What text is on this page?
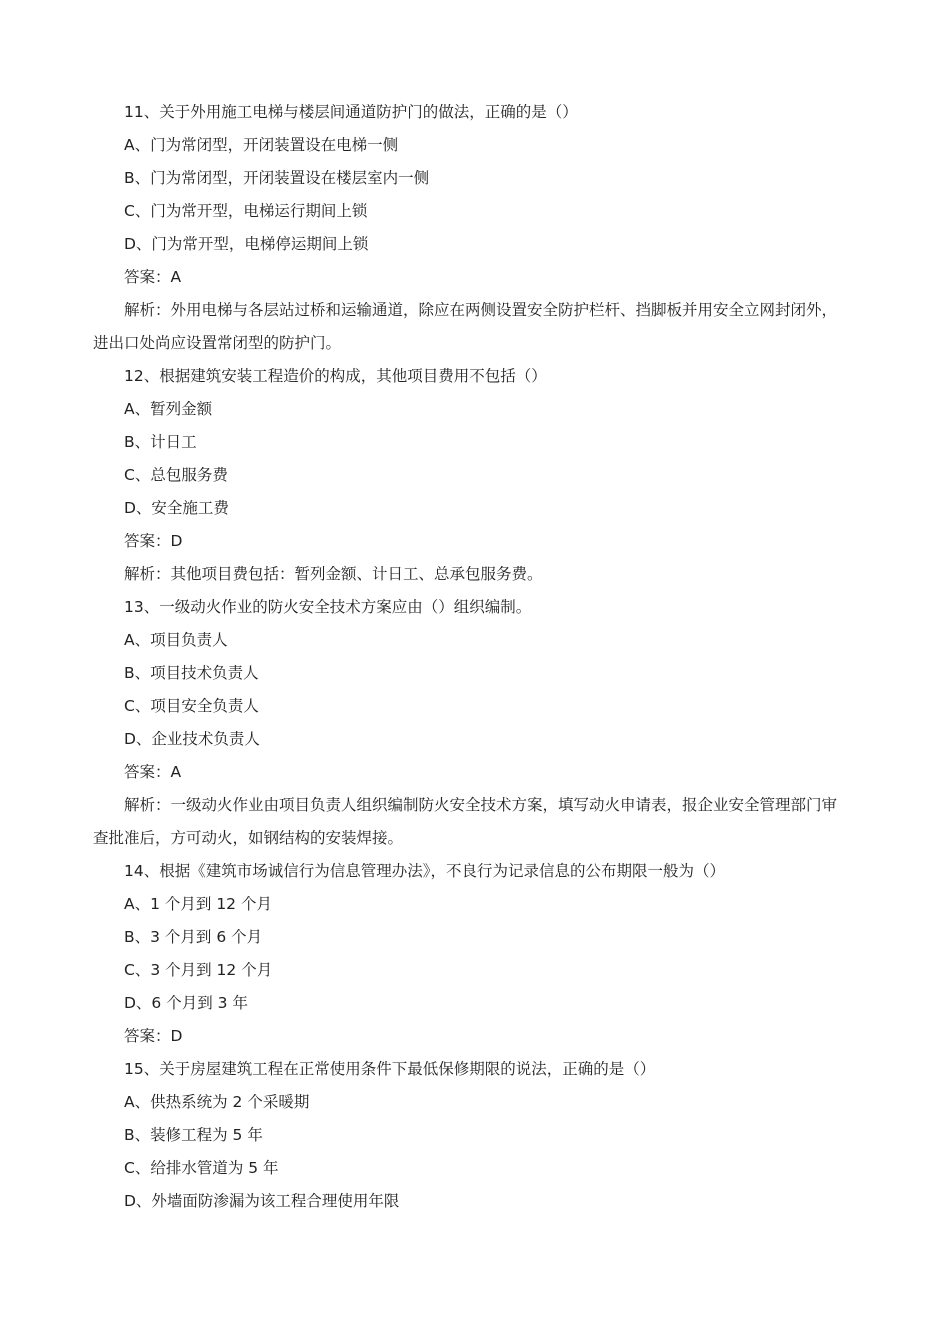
11、关于外用施工电梯与楼层间通道防护门的做法，正确的是（）
A、门为常闭型，开闭装置设在电梯一侧
B、门为常闭型，开闭装置设在楼层室内一侧
C、门为常开型，电梯运行期间上锁
D、门为常开型，电梯停运期间上锁
答案：A
解析：外用电梯与各层站过桥和运输通道，除应在两侧设置安全防护栏杆、挡脚板并用安全立网封闭外，进出口处尚应设置常闭型的防护门。
12、根据建筑安装工程造价的构成，其他项目费用不包括（）
A、暂列金额
B、计日工
C、总包服务费
D、安全施工费
答案：D
解析：其他项目费包括：暂列金额、计日工、总承包服务费。
13、一级动火作业的防火安全技术方案应由（）组织编制。
A、项目负责人
B、项目技术负责人
C、项目安全负责人
D、企业技术负责人
答案：A
解析：一级动火作业由项目负责人组织编制防火安全技术方案，填写动火申请表，报企业安全管理部门审查批准后，方可动火，如钢结构的安装焊接。
14、根据《建筑市场诚信行为信息管理办法》，不良行为记录信息的公布期限一般为（）
A、1 个月到 12 个月
B、3 个月到 6 个月
C、3 个月到 12 个月
D、6 个月到 3 年
答案：D
15、关于房屋建筑工程在正常使用条件下最低保修期限的说法，正确的是（）
A、供热系统为 2 个采暖期
B、装修工程为 5 年
C、给排水管道为 5 年
D、外墙面防渗漏为该工程合理使用年限
